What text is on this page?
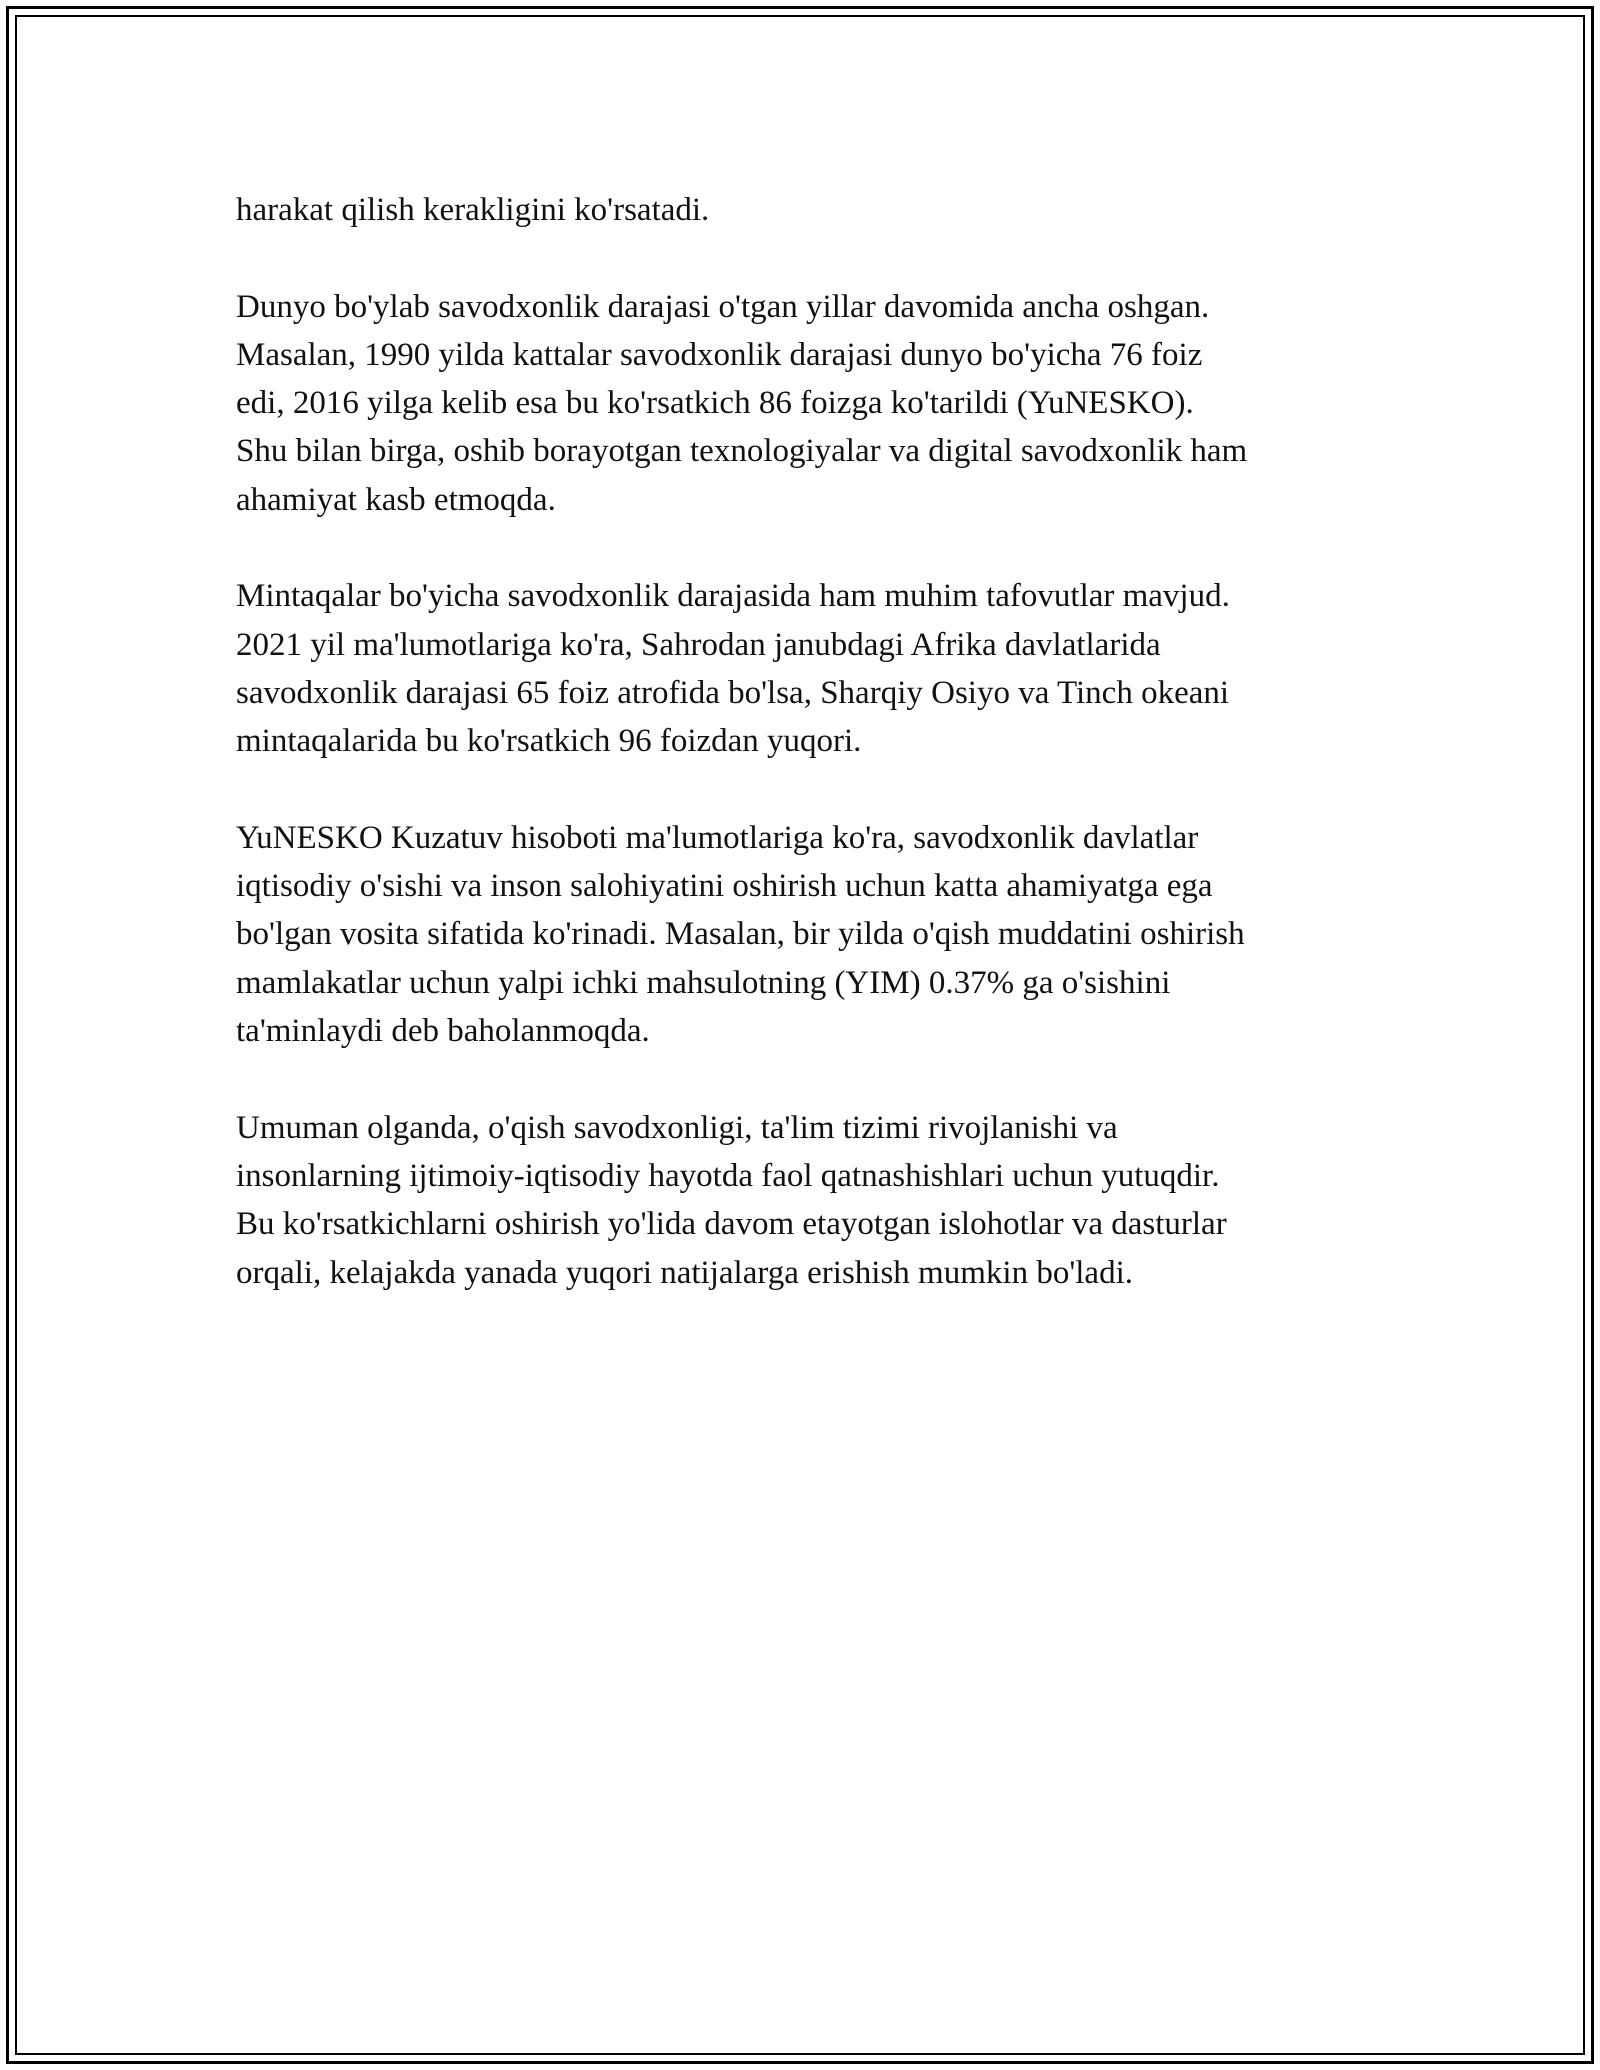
harakat qilish kerakligini ko'rsatadi.

Dunyo bo'ylab savodxonlik darajasi o'tgan yillar davomida ancha oshgan.
Masalan, 1990 yilda kattalar savodxonlik darajasi dunyo bo'yicha 76 foiz
edi, 2016 yilga kelib esa bu ko'rsatkich 86 foizga ko'tarildi (YuNESKO).
Shu bilan birga, oshib borayotgan texnologiyalar va digital savodxonlik ham
ahamiyat kasb etmoqda.

Mintaqalar bo'yicha savodxonlik darajasida ham muhim tafovutlar mavjud.
2021 yil ma'lumotlariga ko'ra, Sahrodan janubdagi Afrika davlatlarida
savodxonlik darajasi 65 foiz atrofida bo'lsa, Sharqiy Osiyo va Tinch okeani
mintaqalarida bu ko'rsatkich 96 foizdan yuqori.

YuNESKO Kuzatuv hisoboti ma'lumotlariga ko'ra, savodxonlik davlatlar
iqtisodiy o'sishi va inson salohiyatini oshirish uchun katta ahamiyatga ega
bo'lgan vosita sifatida ko'rinadi. Masalan, bir yilda o'qish muddatini oshirish
mamlakatlar uchun yalpi ichki mahsulotning (YIM) 0.37% ga o'sishini
ta'minlaydi deb baholanmoqda.

Umuman olganda, o'qish savodxonligi, ta'lim tizimi rivojlanishi va
insonlarning ijtimoiy-iqtisodiy hayotda faol qatnashishlari uchun yutuqdir.
Bu ko'rsatkichlarni oshirish yo'lida davom etayotgan islohotlar va dasturlar
orqali, kelajakda yanada yuqori natijalarga erishish mumkin bo'ladi.
